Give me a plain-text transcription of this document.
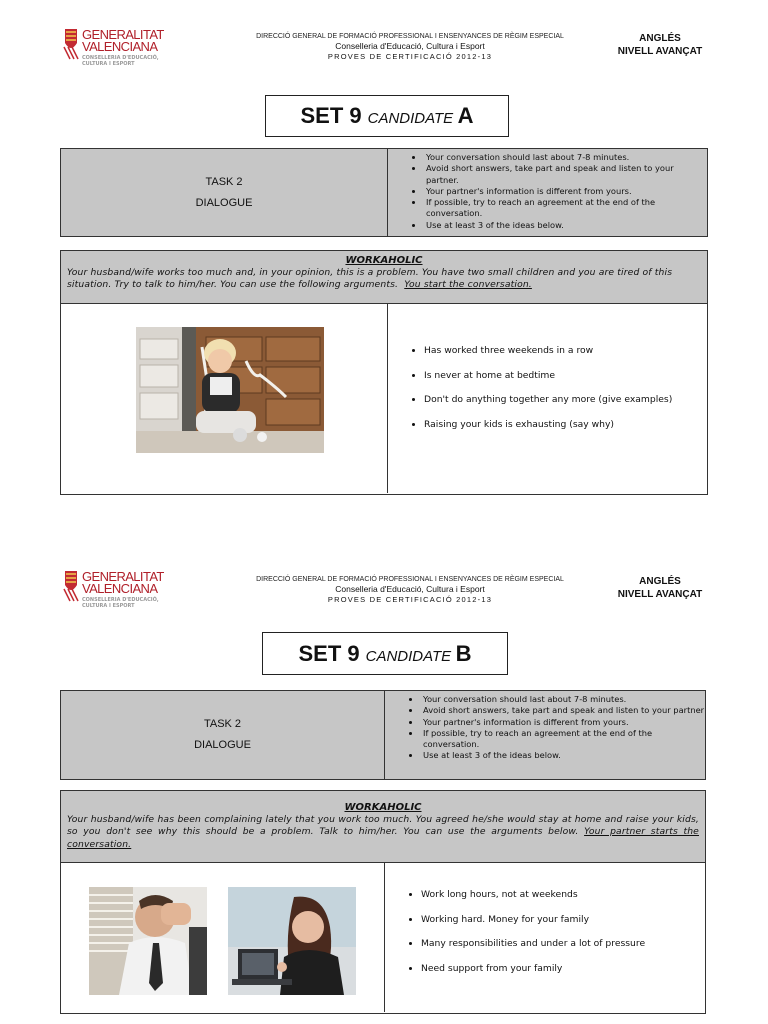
GENERALITAT
VALENCIANA
CONSELLERIA D'EDUCACIÓ,
CULTURA I ESPORT
DIRECCIÓ GENERAL DE FORMACIÓ PROFESSIONAL I ENSENYANCES DE RÈGIM ESPECIAL
Conselleria d'Educació, Cultura i Esport
PROVES DE CERTIFICACIÓ 2012-13
ANGLÉS
NIVELL AVANÇAT
SET 9 CANDIDATE A
TASK 2
DIALOGUE
• Your conversation should last about 7-8 minutes.
• Avoid short answers, take part and speak and listen to your partner.
• Your partner's information is different from yours.
• If possible, try to reach an agreement at the end of the conversation.
• Use at least 3 of the ideas below.
WORKAHOLIC
Your husband/wife works too much and, in your opinion, this is a problem. You have two small children and you are tired of this situation. Try to talk to him/her. You can use the following arguments. You start the conversation.
• Has worked three weekends in a row
• Is never at home at bedtime
• Don't do anything together any more (give examples)
• Raising your kids is exhausting (say why)
GENERALITAT
VALENCIANA
CONSELLERIA D'EDUCACIÓ,
CULTURA I ESPORT
DIRECCIÓ GENERAL DE FORMACIÓ PROFESSIONAL I ENSENYANCES DE RÈGIM ESPECIAL
Conselleria d'Educació, Cultura i Esport
PROVES DE CERTIFICACIÓ 2012-13
ANGLÉS
NIVELL AVANÇAT
SET 9 CANDIDATE B
TASK 2
DIALOGUE
• Your conversation should last about 7-8 minutes.
• Avoid short answers, take part and speak and listen to your partner
• Your partner's information is different from yours.
• If possible, try to reach an agreement at the end of the conversation.
• Use at least 3 of the ideas below.
WORKAHOLIC
Your husband/wife has been complaining lately that you work too much. You agreed he/she would stay at home and raise your kids, so you don't see why this should be a problem. Talk to him/her. You can use the arguments below. Your partner starts the conversation.
• Work long hours, not at weekends
• Working hard. Money for your family
• Many responsibilities and under a lot of pressure
• Need support from your family
